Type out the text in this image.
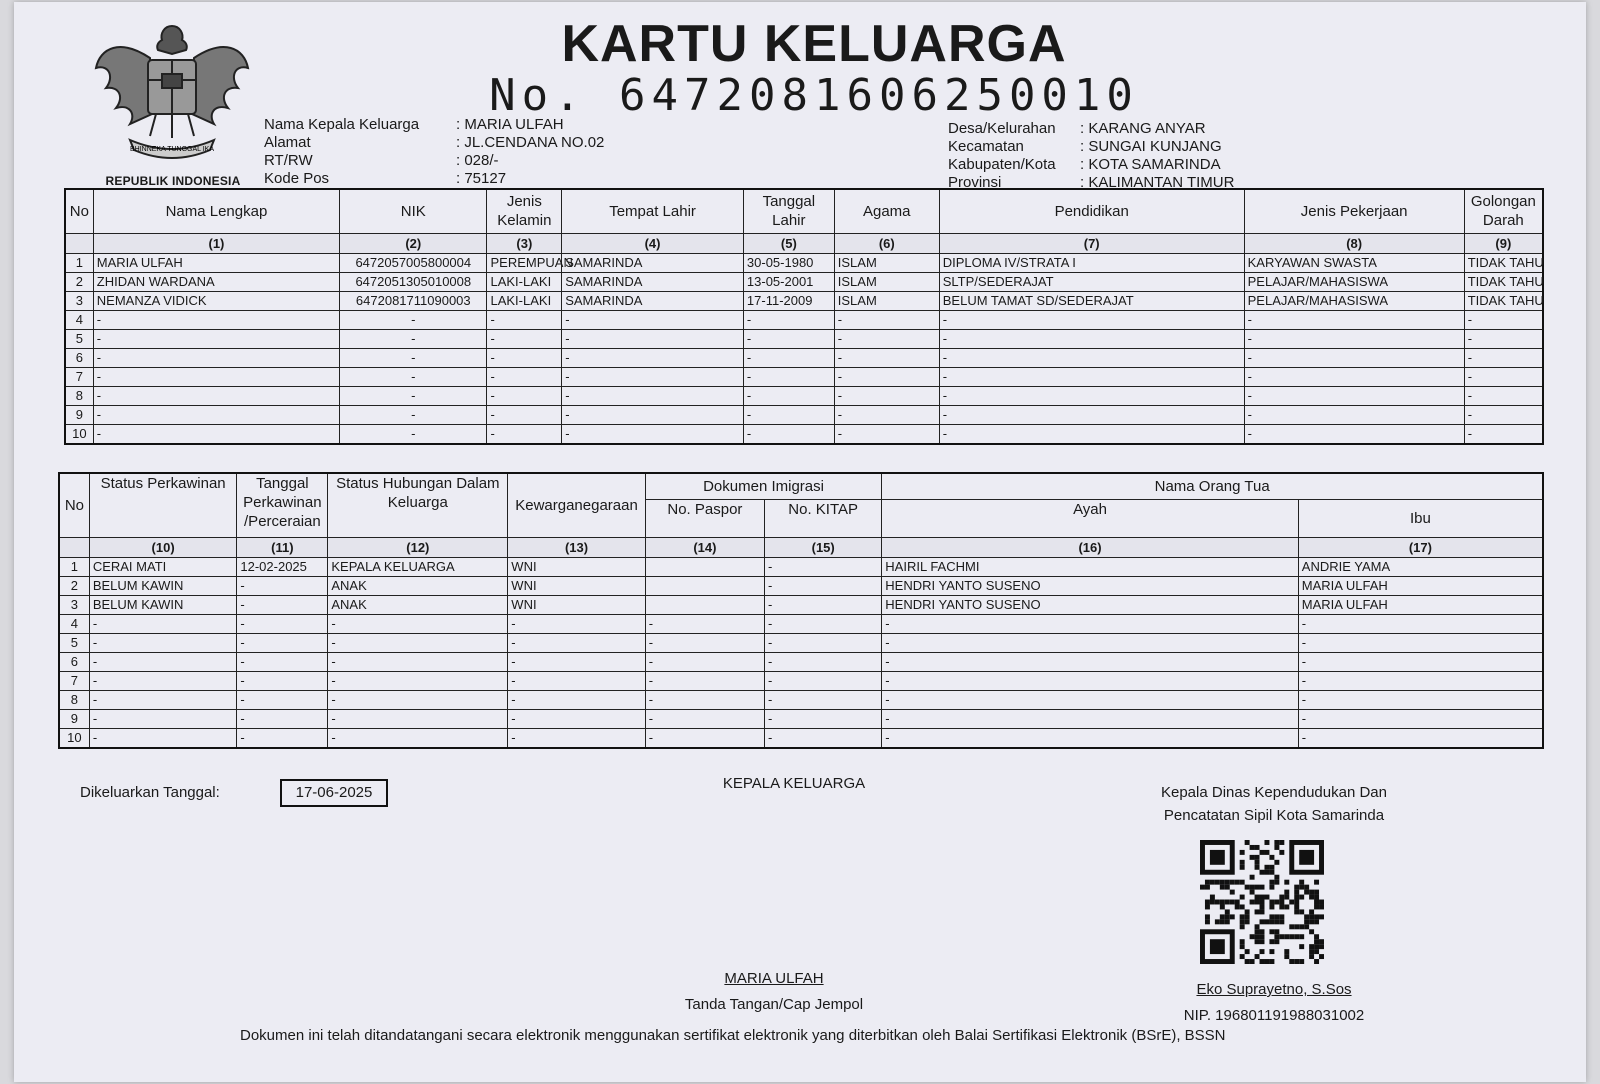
BHINNEKA TUNGGAL IKA
REPUBLIK INDONESIA
KARTU KELUARGA
No. 6472081606250010
Nama Kepala Keluarga	: MARIA ULFAH
Alamat	: JL.CENDANA NO.02
RT/RW	: 028/-
Kode Pos	: 75127
Desa/Kelurahan	: KARANG ANYAR
Kecamatan	: SUNGAI KUNJANG
Kabupaten/Kota	: KOTA SAMARINDA
Provinsi	: KALIMANTAN TIMUR
No	Nama Lengkap	NIK	Jenis Kelamin	Tempat Lahir	Tanggal Lahir	Agama	Pendidikan	Jenis Pekerjaan	Golongan Darah
	(1)	(2)	(3)	(4)	(5)	(6)	(7)	(8)	(9)
1	MARIA ULFAH	6472057005800004	PEREMPUAN	SAMARINDA	30-05-1980	ISLAM	DIPLOMA IV/STRATA I	KARYAWAN SWASTA	TIDAK TAHU
2	ZHIDAN WARDANA	6472051305010008	LAKI-LAKI	SAMARINDA	13-05-2001	ISLAM	SLTP/SEDERAJAT	PELAJAR/MAHASISWA	TIDAK TAHU
3	NEMANZA VIDICK	6472081711090003	LAKI-LAKI	SAMARINDA	17-11-2009	ISLAM	BELUM TAMAT SD/SEDERAJAT	PELAJAR/MAHASISWA	TIDAK TAHU
4	-	-	-	-	-	-	-	-	-
5	-	-	-	-	-	-	-	-	-
6	-	-	-	-	-	-	-	-	-
7	-	-	-	-	-	-	-	-	-
8	-	-	-	-	-	-	-	-	-
9	-	-	-	-	-	-	-	-	-
10	-	-	-	-	-	-	-	-	-
No	Status Perkawinan	Tanggal Perkawinan /Perceraian	Status Hubungan Dalam Keluarga	Kewarganegaraan	Dokumen Imigrasi		Nama Orang Tua	
					No. Paspor	No. KITAP	Ayah	Ibu
	(10)	(11)	(12)	(13)	(14)	(15)	(16)	(17)
1	CERAI MATI	12-02-2025	KEPALA KELUARGA	WNI		-	HAIRIL FACHMI	ANDRIE YAMA
2	BELUM KAWIN	-	ANAK	WNI		-	HENDRI YANTO SUSENO	MARIA ULFAH
3	BELUM KAWIN	-	ANAK	WNI		-	HENDRI YANTO SUSENO	MARIA ULFAH
4	-	-	-	-	-	-	-	-
5	-	-	-	-	-	-	-	-
6	-	-	-	-	-	-	-	-
7	-	-	-	-	-	-	-	-
8	-	-	-	-	-	-	-	-
9	-	-	-	-	-	-	-	-
10	-	-	-	-	-	-	-	-
Dikeluarkan Tanggal:	17-06-2025
KEPALA KELUARGA
Kepala Dinas Kependudukan Dan
Pencatatan Sipil Kota Samarinda
MARIA ULFAH
Tanda Tangan/Cap Jempol
Eko Suprayetno, S.Sos
NIP. 196801191988031002
Dokumen ini telah ditandatangani secara elektronik menggunakan sertifikat elektronik yang diterbitkan oleh Balai Sertifikasi Elektronik (BSrE), BSSN
